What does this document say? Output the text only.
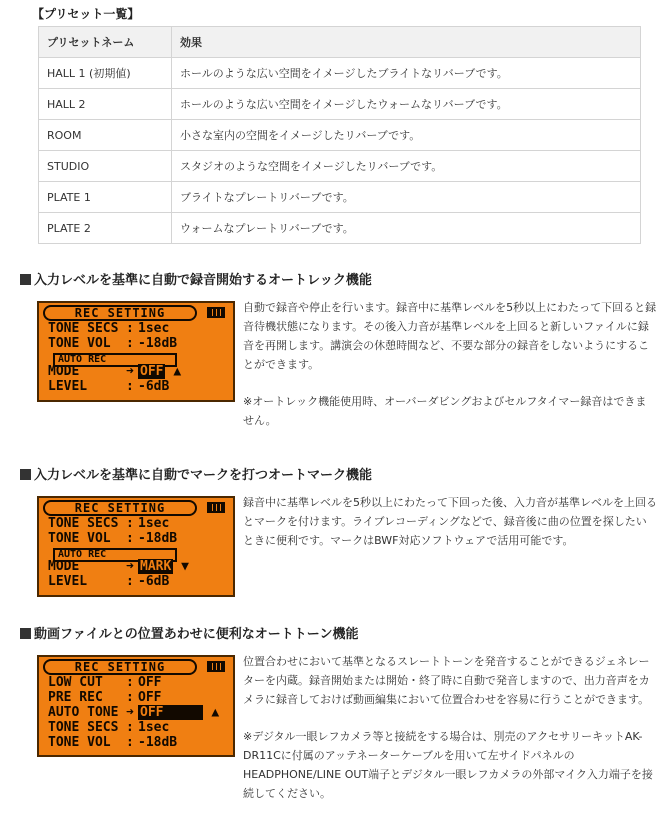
【プリセット一覧】
プリセットネーム	効果
HALL 1 (初期値)	ホールのような広い空間をイメージしたブライトなリバーブです。
HALL 2	ホールのような広い空間をイメージしたウォームなリバーブです。
ROOM	小さな室内の空間をイメージしたリバーブです。
STUDIO	スタジオのような空間をイメージしたリバーブです。
PLATE 1	ブライトなプレートリバーブです。
PLATE 2	ウォームなプレートリバーブです。
入力レベルを基準に自動で録音開始するオートレック機能
REC SETTING
TONE SECS : 1sec
TONE VOL : -18dB
AUTO REC
MODE	➜ OFF ▲
LEVEL	: -6dB

自動で録音や停止を行います。録音中に基準レベルを5秒以上にわたって下回ると録音待機状態になります。その後入力音が基準レベルを上回ると新しいファイルに録音を再開します。講演会の休憩時間など、不要な部分の録音をしないようにすることができます。

※オートレック機能使用時、オーバーダビングおよびセルフタイマー録音はできません。

入力レベルを基準に自動でマークを打つオートマーク機能
REC SETTING
TONE SECS : 1sec
TONE VOL : -18dB
AUTO REC
MODE	➜ MARK ▼
LEVEL	: -6dB

録音中に基準レベルを5秒以上にわたって下回った後、入力音が基準レベルを上回るとマークを付けます。ライブレコーディングなどで、録音後に曲の位置を探したいときに便利です。マークはBWF対応ソフトウェアで活用可能です。

動画ファイルとの位置あわせに便利なオートトーン機能
REC SETTING
LOW CUT : OFF
PRE REC : OFF
AUTO TONE ➜ OFF	▲
TONE SECS : 1sec
TONE VOL : -18dB

位置合わせにおいて基準となるスレートトーンを発音することができるジェネレーターを内蔵。録音開始または開始・終了時に自動で発音しますので、出力音声をカメラに録音しておけば動画編集において位置合わせを容易に行うことができます。

※デジタル一眼レフカメラ等と接続をする場合は、別売のアクセサリーキットAK-DR11Cに付属のアッテネーターケーブルを用いて左サイドパネルのHEADPHONE/LINE OUT端子とデジタル一眼レフカメラの外部マイク入力端子を接続してください。
